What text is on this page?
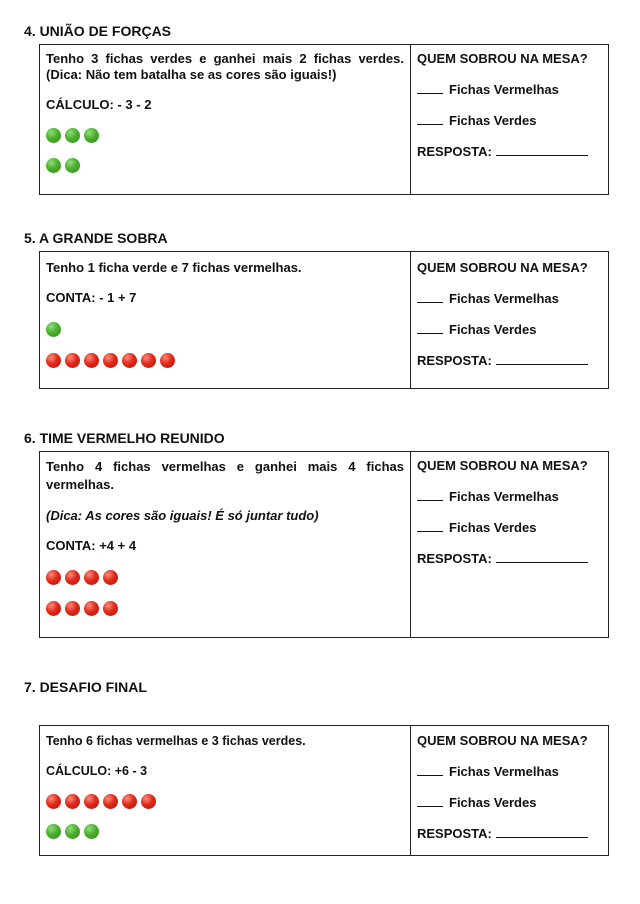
4. UNIÃO DE FORÇAS
Tenho 3 fichas verdes e ganhei mais 2 fichas verdes. (Dica: Não tem batalha se as cores são iguais!)
CÁLCULO: - 3 - 2
QUEM SOBROU NA MESA?
Fichas Vermelhas
Fichas Verdes
RESPOSTA:
5. A GRANDE SOBRA
Tenho 1 ficha verde e 7 fichas vermelhas.
CONTA: - 1 + 7
QUEM SOBROU NA MESA?
Fichas Vermelhas
Fichas Verdes
RESPOSTA:
6. TIME VERMELHO REUNIDO
Tenho 4 fichas vermelhas e ganhei mais 4 fichas vermelhas.
(Dica: As cores são iguais! É só juntar tudo)
CONTA: +4 + 4
QUEM SOBROU NA MESA?
Fichas Vermelhas
Fichas Verdes
RESPOSTA:
7. DESAFIO FINAL
Tenho 6 fichas vermelhas e 3 fichas verdes.
CÁLCULO: +6 - 3
QUEM SOBROU NA MESA?
Fichas Vermelhas
Fichas Verdes
RESPOSTA:
